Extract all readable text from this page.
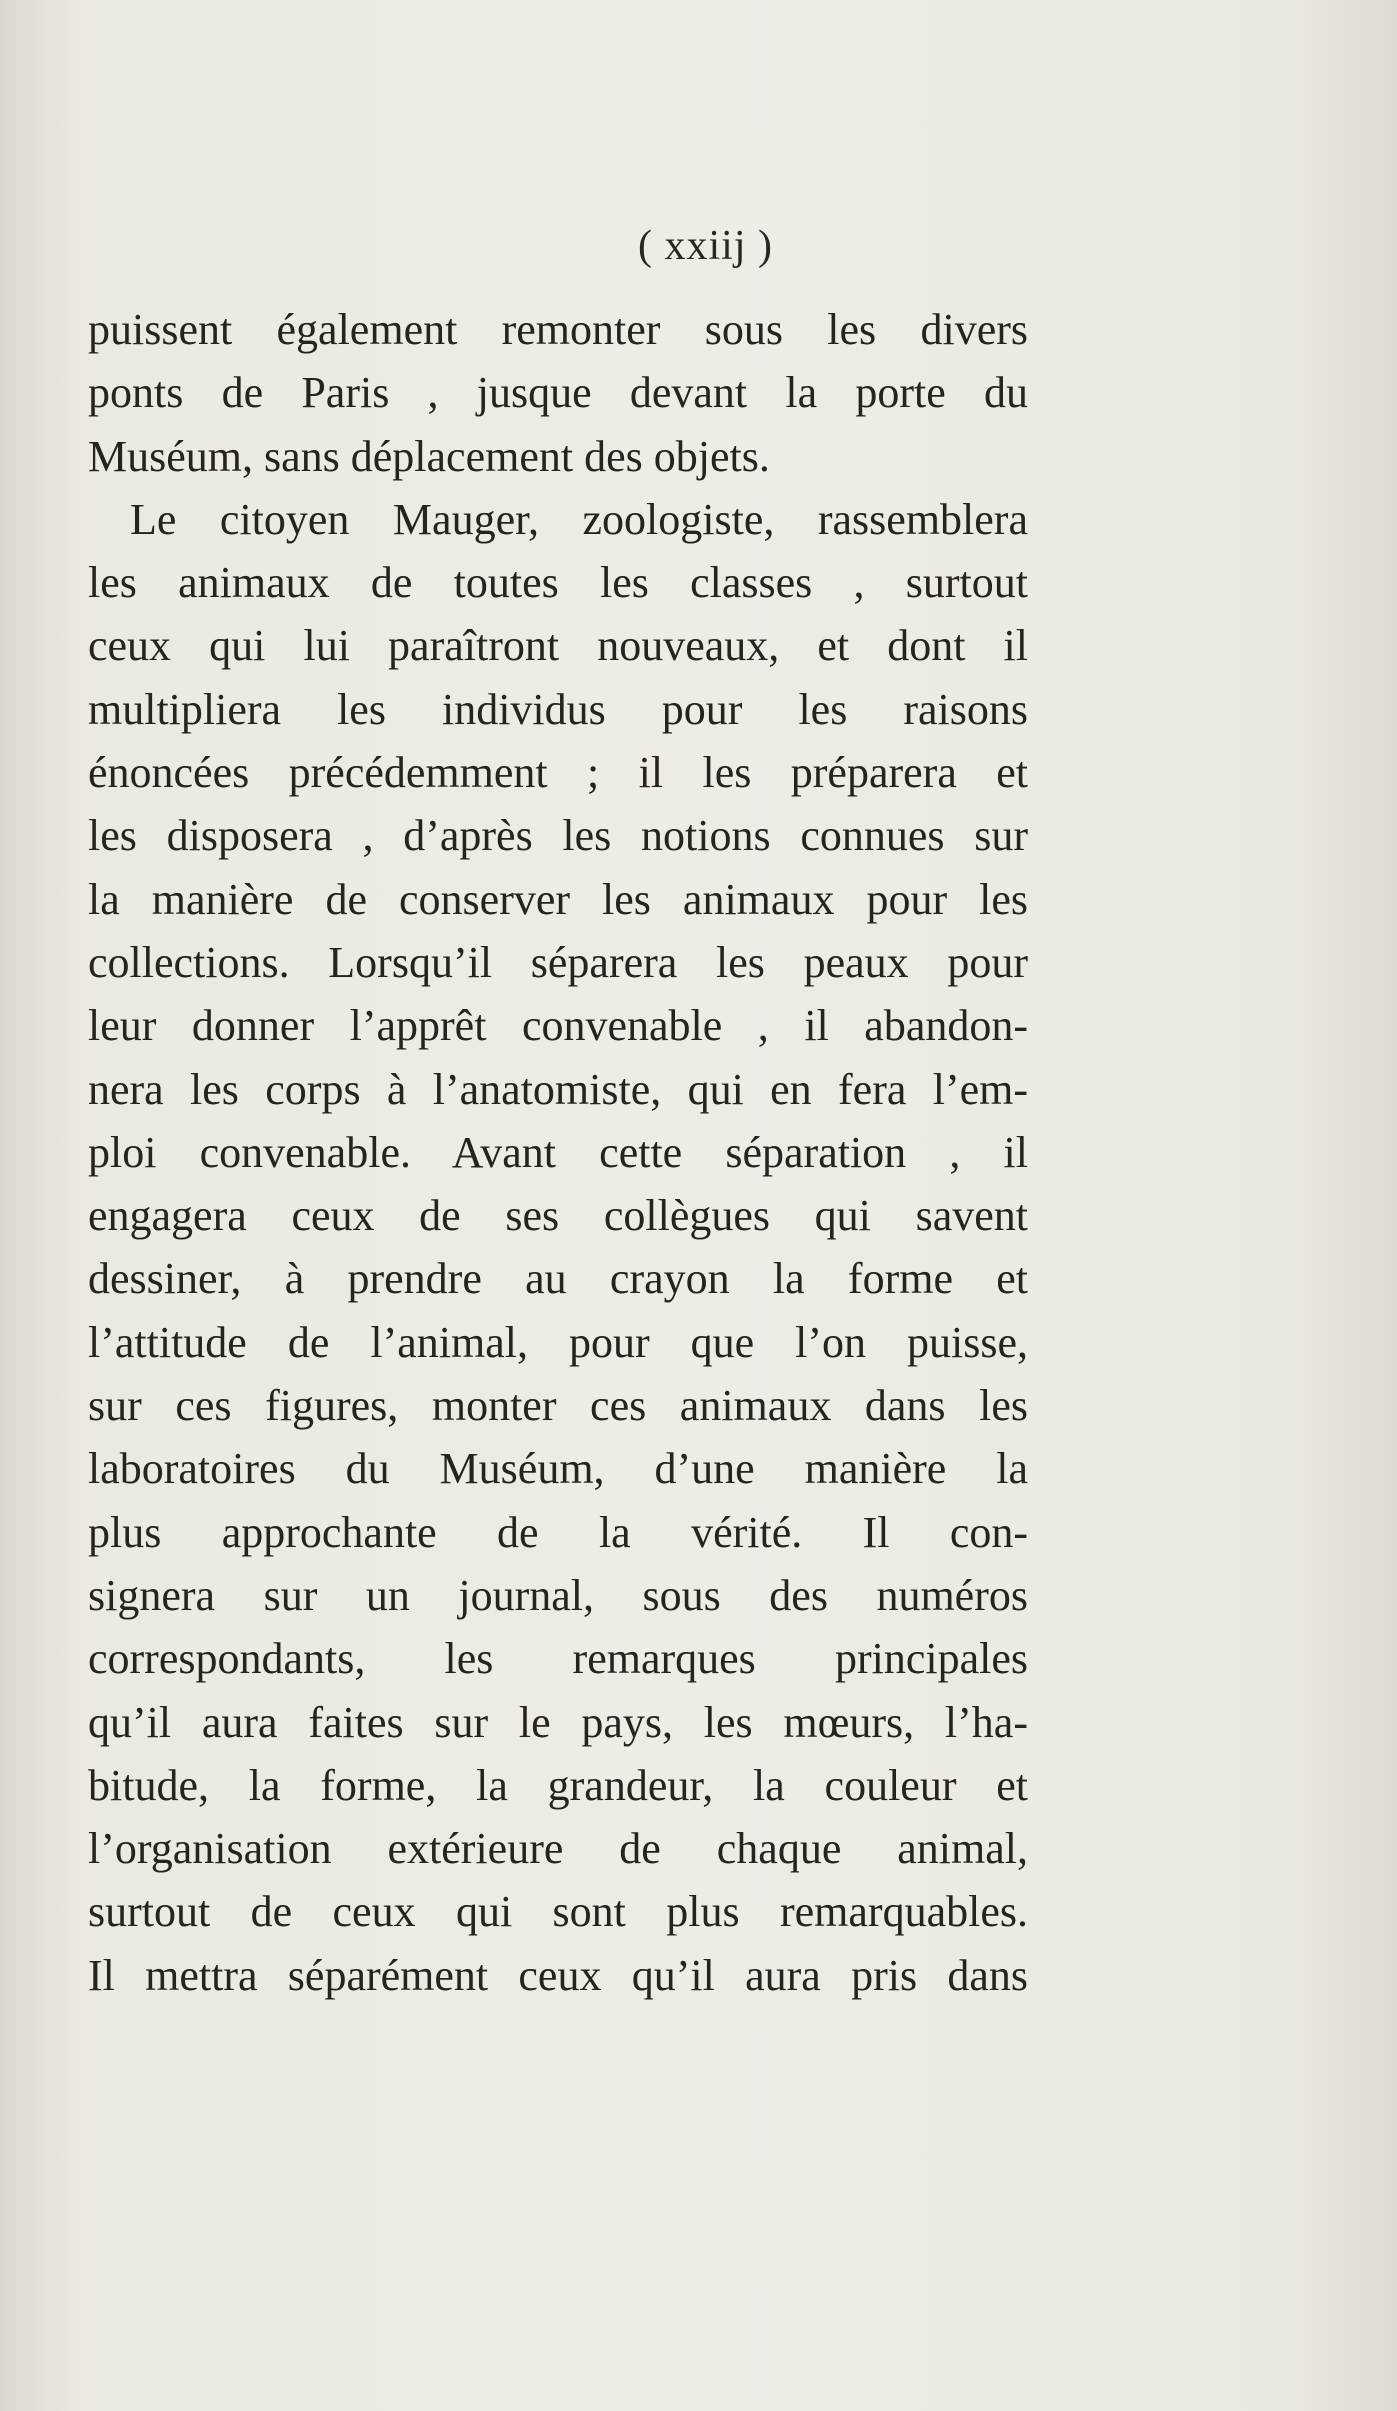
( xxiij )
puissent également remonter sous les divers
ponts de Paris , jusque devant la porte du
Muséum, sans déplacement des objets.
Le citoyen Mauger, zoologiste, rassemblera
les animaux de toutes les classes , surtout
ceux qui lui paraîtront nouveaux, et dont il
multipliera les individus pour les raisons
énoncées précédemment ; il les préparera et
les disposera , d’après les notions connues sur
la manière de conserver les animaux pour les
collections. Lorsqu’il séparera les peaux pour
leur donner l’apprêt convenable , il abandon-
nera les corps à l’anatomiste, qui en fera l’em-
ploi convenable. Avant cette séparation , il
engagera ceux de ses collègues qui savent
dessiner, à prendre au crayon la forme et
l’attitude de l’animal, pour que l’on puisse,
sur ces figures, monter ces animaux dans les
laboratoires du Muséum, d’une manière la
plus approchante de la vérité. Il con-
signera sur un journal, sous des numéros
correspondants, les remarques principales
qu’il aura faites sur le pays, les mœurs, l’ha-
bitude, la forme, la grandeur, la couleur et
l’organisation extérieure de chaque animal,
surtout de ceux qui sont plus remarquables.
Il mettra séparément ceux qu’il aura pris dans
